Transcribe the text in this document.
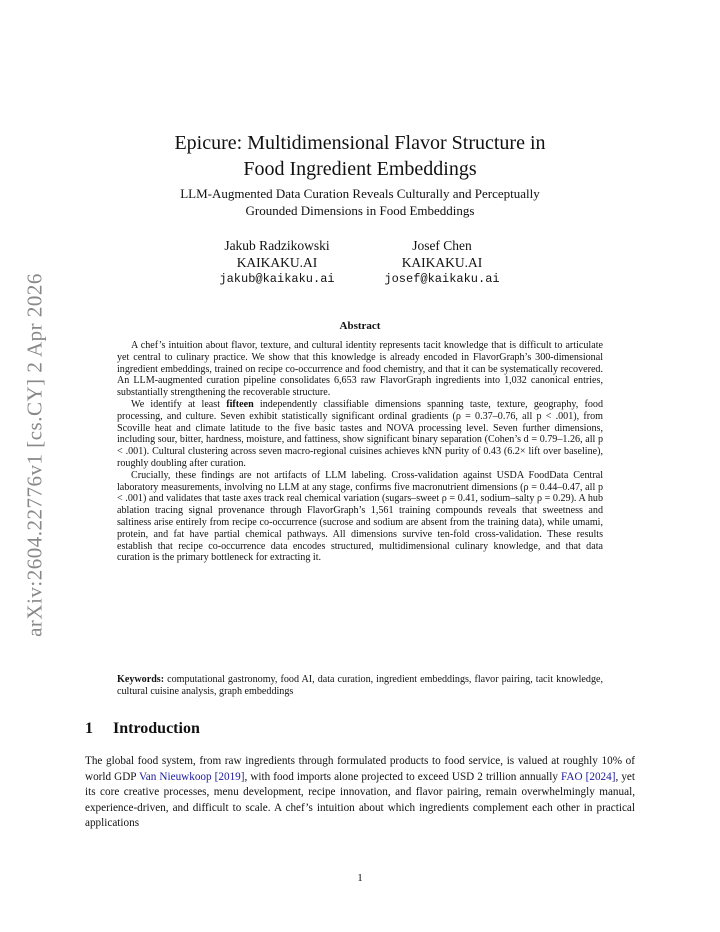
arXiv:2604.22776v1 [cs.CY] 2 Apr 2026
Epicure: Multidimensional Flavor Structure in
Food Ingredient Embeddings
LLM-Augmented Data Curation Reveals Culturally and Perceptually
Grounded Dimensions in Food Embeddings
Jakub Radzikowski
KAIKAKU.AI
jakub@kaikaku.ai
Josef Chen
KAIKAKU.AI
josef@kaikaku.ai
Abstract

A chef’s intuition about flavor, texture, and cultural identity represents tacit knowledge that is difficult to articulate yet central to culinary practice. We show that this knowledge is already encoded in FlavorGraph’s 300-dimensional ingredient embeddings, trained on recipe co-occurrence and food chemistry, and that it can be systematically recovered. An LLM-augmented curation pipeline consolidates 6,653 raw FlavorGraph ingredients into 1,032 canonical entries, substantially strengthening the recoverable structure.

We identify at least fifteen independently classifiable dimensions spanning taste, texture, geography, food processing, and culture. Seven exhibit statistically significant ordinal gradients (ρ = 0.37–0.76, all p < .001), from Scoville heat and climate latitude to the five basic tastes and NOVA processing level. Seven further dimensions, including sour, bitter, hardness, moisture, and fattiness, show significant binary separation (Cohen’s d = 0.79–1.26, all p < .001). Cultural clustering across seven macro-regional cuisines achieves kNN purity of 0.43 (6.2× lift over baseline), roughly doubling after curation.

Crucially, these findings are not artifacts of LLM labeling. Cross-validation against USDA FoodData Central laboratory measurements, involving no LLM at any stage, confirms five macronutrient dimensions (ρ = 0.44–0.47, all p < .001) and validates that taste axes track real chemical variation (sugars–sweet ρ = 0.41, sodium–salty ρ = 0.29). A hub ablation tracing signal provenance through FlavorGraph’s 1,561 training compounds reveals that sweetness and saltiness arise entirely from recipe co-occurrence (sucrose and sodium are absent from the training data), while umami, protein, and fat have partial chemical pathways. All dimensions survive ten-fold cross-validation. These results establish that recipe co-occurrence data encodes structured, multidimensional culinary knowledge, and that data curation is the primary bottleneck for extracting it.

Keywords: computational gastronomy, food AI, data curation, ingredient embeddings, flavor pairing, tacit knowledge, cultural cuisine analysis, graph embeddings
1 Introduction

The global food system, from raw ingredients through formulated products to food service, is valued at roughly 10% of world GDP Van Nieuwkoop [2019], with food imports alone projected to exceed USD 2 trillion annually FAO [2024], yet its core creative processes, menu development, recipe innovation, and flavor pairing, remain overwhelmingly manual, experience-driven, and difficult to scale. A chef’s intuition about which ingredients complement each other in practical applications

1
